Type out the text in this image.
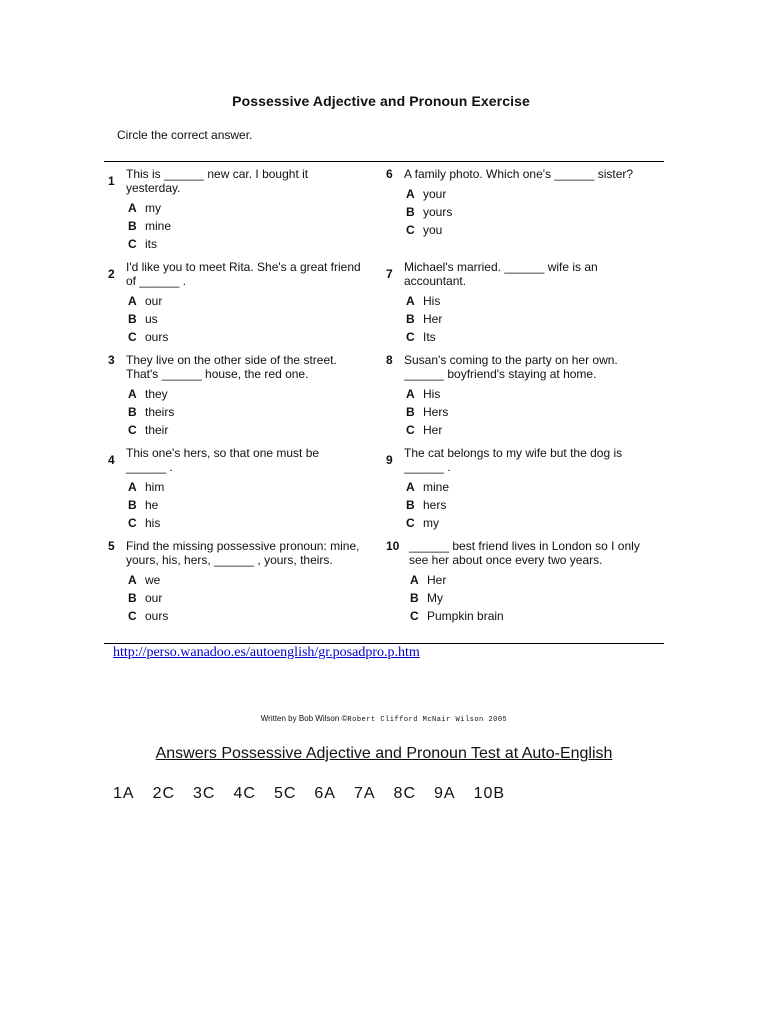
Possessive Adjective and Pronoun Exercise
Circle the correct answer.
1 This is ______ new car. I bought it yesterday.
A my
B mine
C its
2 I'd like you to meet Rita. She's a great friend of ______ .
A our
B us
C ours
3 They live on the other side of the street. That's ______ house, the red one.
A they
B theirs
C their
4 This one's hers, so that one must be ______ .
A him
B he
C his
5 Find the missing possessive pronoun: mine, yours, his, hers, ______ , yours, theirs.
A we
B our
C ours
6 A family photo. Which one's ______ sister?
A your
B yours
C you
7 Michael's married. ______ wife is an accountant.
A His
B Her
C Its
8 Susan's coming to the party on her own. ______ boyfriend's staying at home.
A His
B Hers
C Her
9 The cat belongs to my wife but the dog is ______ .
A mine
B hers
C my
10 ______ best friend lives in London so I only see her about once every two years.
A Her
B My
C Pumpkin brain
http://perso.wanadoo.es/autoenglish/gr.posadpro.p.htm
Written by Bob Wilson ©Robert Clifford McNair Wilson 2005
Answers Possessive Adjective and Pronoun Test at Auto-English
1A 2C 3C 4C 5C 6A 7A 8C 9A 10B
